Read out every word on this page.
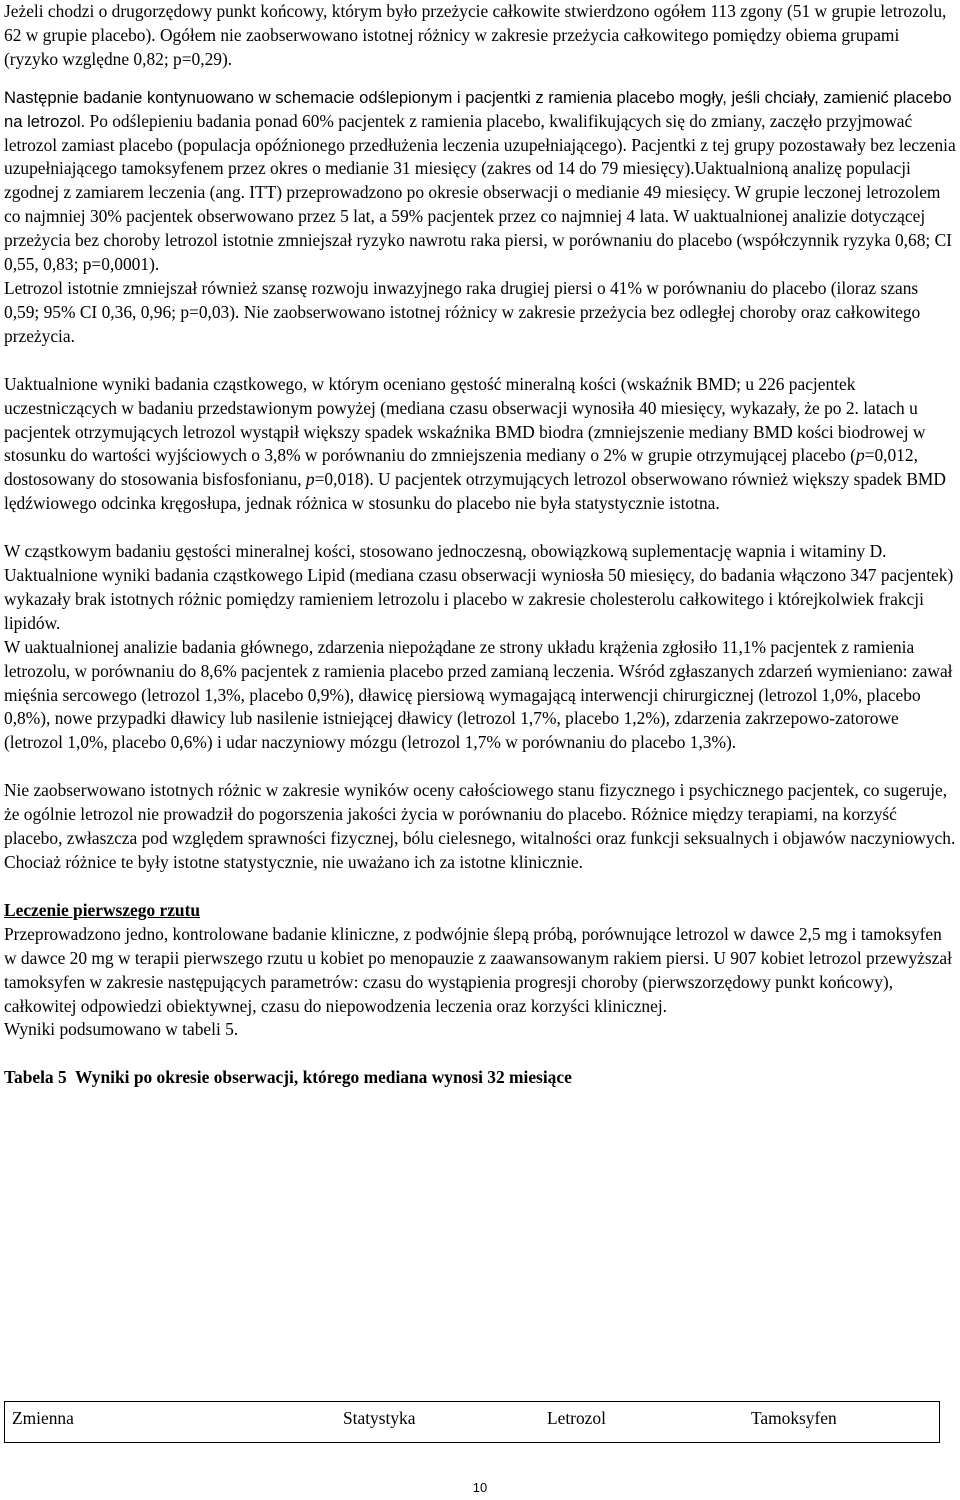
Jeżeli chodzi o drugorzędowy punkt końcowy, którym było przeżycie całkowite stwierdzono ogółem 113 zgony (51 w grupie letrozolu, 62 w grupie placebo). Ogółem nie zaobserwowano istotnej różnicy w zakresie przeżycia całkowitego pomiędzy obiema grupami (ryzyko względne 0,82; p=0,29).

Następnie badanie kontynuowano w schemacie odślepionym i pacjentki z ramienia placebo mogły, jeśli chciały, zamienić placebo na letrozol. Po odślepieniu badania ponad 60% pacjentek z ramienia placebo, kwalifikujących się do zmiany, zaczęło przyjmować letrozol zamiast placebo (populacja opóźnionego przedłużenia leczenia uzupełniającego). Pacjentki z tej grupy pozostawały bez leczenia uzupełniającego tamoksyfenem przez okres o medianie 31 miesięcy (zakres od 14 do 79 miesięcy).Uaktualnioną analizę populacji zgodnej z zamiarem leczenia (ang. ITT) przeprowadzono po okresie obserwacji o medianie 49 miesięcy. W grupie leczonej letrozolem co najmniej 30% pacjentek obserwowano przez 5 lat, a 59% pacjentek przez co najmniej 4 lata. W uaktualnionej analizie dotyczącej przeżycia bez choroby letrozol istotnie zmniejszał ryzyko nawrotu raka piersi, w porównaniu do placebo (współczynnik ryzyka 0,68; CI 0,55, 0,83; p=0,0001).

Letrozol istotnie zmniejszał również szansę rozwoju inwazyjnego raka drugiej piersi o 41% w porównaniu do placebo (iloraz szans 0,59; 95% CI 0,36, 0,96; p=0,03). Nie zaobserwowano istotnej różnicy w zakresie przeżycia bez odległej choroby oraz całkowitego przeżycia.

Uaktualnione wyniki badania cząstkowego, w którym oceniano gęstość mineralną kości (wskaźnik BMD; u 226 pacjentek uczestniczących w badaniu przedstawionym powyżej (mediana czasu obserwacji wynosiła 40 miesięcy, wykazały, że po 2. latach u pacjentek otrzymujących letrozol wystąpił większy spadek wskaźnika BMD biodra (zmniejszenie mediany BMD kości biodrowej w stosunku do wartości wyjściowych o 3,8% w porównaniu do zmniejszenia mediany o 2% w grupie otrzymującej placebo (p=0,012, dostosowany do stosowania bisfosfonianu, p=0,018). U pacjentek otrzymujących letrozol obserwowano również większy spadek BMD lędźwiowego odcinka kręgosłupa, jednak różnica w stosunku do placebo nie była statystycznie istotna.

W cząstkowym badaniu gęstości mineralnej kości, stosowano jednoczesną, obowiązkową suplementację wapnia i witaminy D.

Uaktualnione wyniki badania cząstkowego Lipid (mediana czasu obserwacji wyniosła 50 miesięcy, do badania włączono 347 pacjentek) wykazały brak istotnych różnic pomiędzy ramieniem letrozolu i placebo w zakresie cholesterolu całkowitego i którejkolwiek frakcji lipidów.

W uaktualnionej analizie badania głównego, zdarzenia niepożądane ze strony układu krążenia zgłosiło 11,1% pacjentek z ramienia letrozolu, w porównaniu do 8,6% pacjentek z ramienia placebo przed zamianą leczenia. Wśród zgłaszanych zdarzeń wymieniano: zawał mięśnia sercowego (letrozol 1,3%, placebo 0,9%), dławicę piersiową wymagającą interwencji chirurgicznej (letrozol 1,0%, placebo 0,8%), nowe przypadki dławicy lub nasilenie istniejącej dławicy (letrozol 1,7%, placebo 1,2%), zdarzenia zakrzepowo-zatorowe (letrozol 1,0%, placebo 0,6%) i udar naczyniowy mózgu (letrozol 1,7% w porównaniu do placebo 1,3%).

Nie zaobserwowano istotnych różnic w zakresie wyników oceny całościowego stanu fizycznego i psychicznego pacjentek, co sugeruje, że ogólnie letrozol nie prowadził do pogorszenia jakości życia w porównaniu do placebo. Różnice między terapiami, na korzyść placebo, zwłaszcza pod względem sprawności fizycznej, bólu cielesnego, witalności oraz funkcji seksualnych i objawów naczyniowych. Chociaż różnice te były istotne statystycznie, nie uważano ich za istotne klinicznie.

Leczenie pierwszego rzutu

Przeprowadzono jedno, kontrolowane badanie kliniczne, z podwójnie ślepą próbą, porównujące letrozol w dawce 2,5 mg i tamoksyfen w dawce 20 mg w terapii pierwszego rzutu u kobiet po menopauzie z zaawansowanym rakiem piersi. U 907 kobiet letrozol przewyższał tamoksyfen w zakresie następujących parametrów: czasu do wystąpienia progresji choroby (pierwszorzędowy punkt końcowy), całkowitej odpowiedzi obiektywnej, czasu do niepowodzenia leczenia oraz korzyści klinicznej.

Wyniki podsumowano w tabeli 5.

Tabela 5  Wyniki po okresie obserwacji, którego mediana wynosi 32 miesiące

Zmienna	Statystyka	Letrozol	Tamoksyfen
10
